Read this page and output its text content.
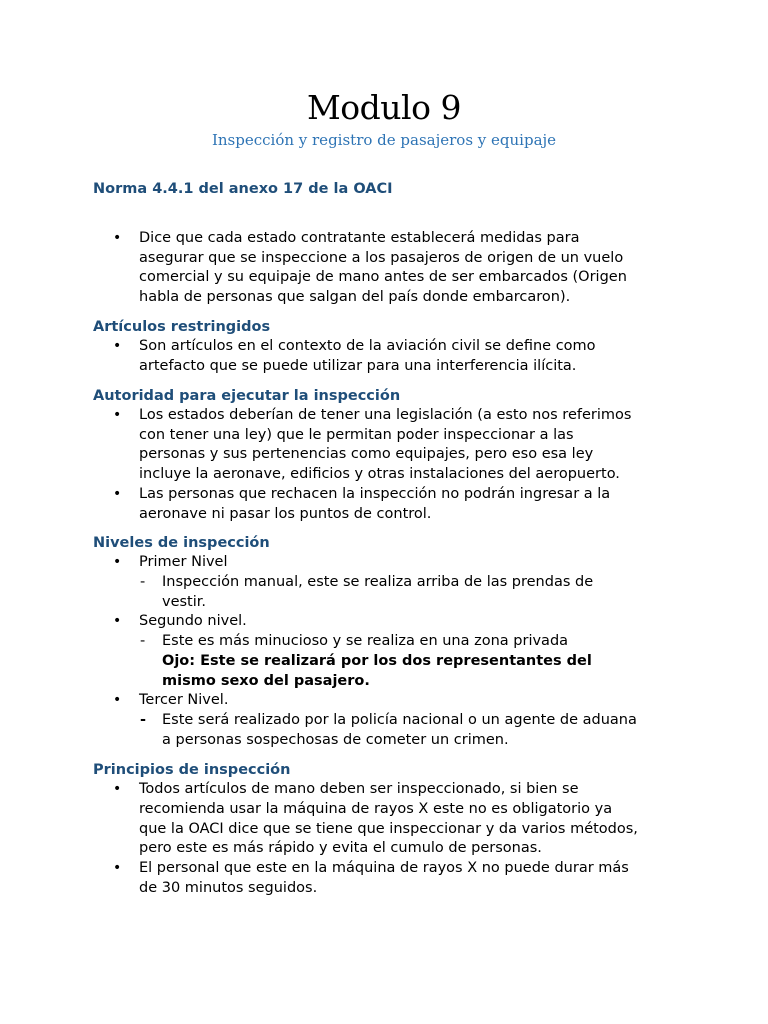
Modulo 9
Inspección y registro de pasajeros y equipaje
Norma 4.4.1 del anexo 17 de la OACI
• Dice que cada estado contratante establecerá medidas para
asegurar que se inspeccione a los pasajeros de origen de un vuelo
comercial y su equipaje de mano antes de ser embarcados (Origen
habla de personas que salgan del país donde embarcaron).
Artículos restringidos
• Son artículos en el contexto de la aviación civil se define como
artefacto que se puede utilizar para una interferencia ilícita.
Autoridad para ejecutar la inspección
• Los estados deberían de tener una legislación (a esto nos referimos
con tener una ley) que le permitan poder inspeccionar a las
personas y sus pertenencias como equipajes, pero eso esa ley
incluye la aeronave, edificios y otras instalaciones del aeropuerto.
• Las personas que rechacen la inspección no podrán ingresar a la
aeronave ni pasar los puntos de control.
Niveles de inspección
• Primer Nivel
- Inspección manual, este se realiza arriba de las prendas de
vestir.
• Segundo nivel.
- Este es más minucioso y se realiza en una zona privada
Ojo: Este se realizará por los dos representantes del
mismo sexo del pasajero.
• Tercer Nivel.
- Este será realizado por la policía nacional o un agente de aduana
a personas sospechosas de cometer un crimen.
Principios de inspección
• Todos artículos de mano deben ser inspeccionado, si bien se
recomienda usar la máquina de rayos X este no es obligatorio ya
que la OACI dice que se tiene que inspeccionar y da varios métodos,
pero este es más rápido y evita el cumulo de personas.
• El personal que este en la máquina de rayos X no puede durar más
de 30 minutos seguidos.
